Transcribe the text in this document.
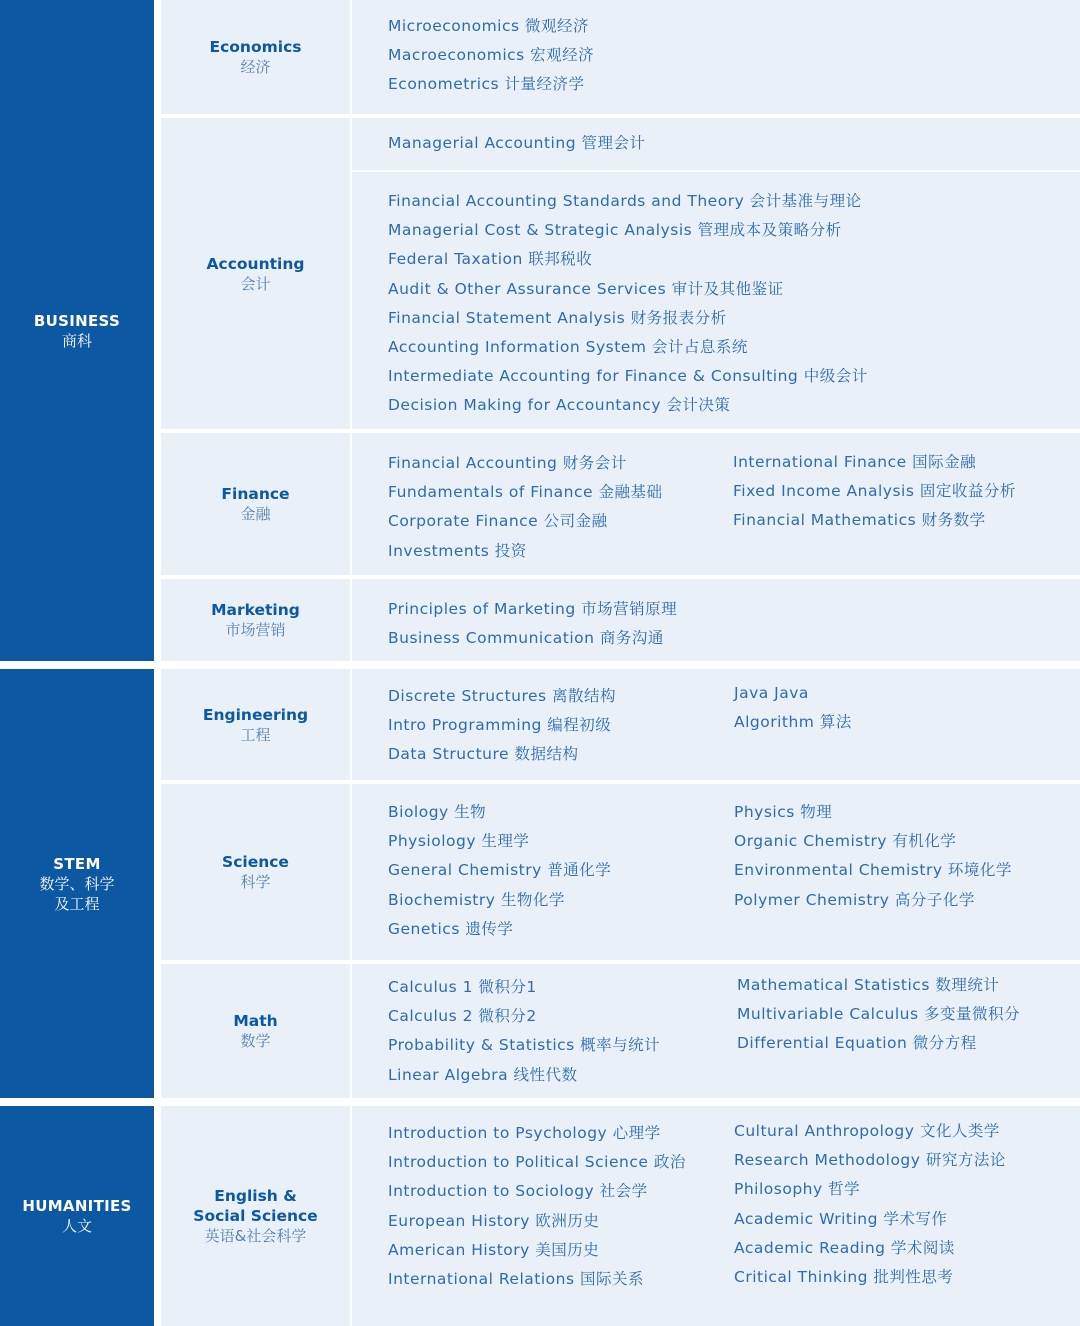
BUSINESS
商科
Economics
经济
Microeconomics 微观经济
Macroeconomics 宏观经济
Econometrics 计量经济学
Accounting
会计
Managerial Accounting 管理会计
Financial Accounting Standards and Theory 会计基准与理论
Managerial Cost & Strategic Analysis 管理成本及策略分析
Federal Taxation 联邦税收
Audit & Other Assurance Services 审计及其他鉴证
Financial Statement Analysis 财务报表分析
Accounting Information System 会计占息系统
Intermediate Accounting for Finance & Consulting 中级会计
Decision Making for Accountancy 会计决策
Finance
金融
Financial Accounting 财务会计
Fundamentals of Finance 金融基础
Corporate Finance 公司金融
Investments 投资
International Finance 国际金融
Fixed Income Analysis 固定收益分析
Financial Mathematics 财务数学
Marketing
市场营销
Principles of Marketing 市场营销原理
Business Communication 商务沟通
STEM
数学、科学
及工程
Engineering
工程
Discrete Structures 离散结构
Intro Programming 编程初级
Data Structure 数据结构
Java Java
Algorithm 算法
Science
科学
Biology 生物
Physiology 生理学
General Chemistry 普通化学
Biochemistry 生物化学
Genetics 遗传学
Physics 物理
Organic Chemistry 有机化学
Environmental Chemistry 环境化学
Polymer Chemistry 高分子化学
Math
数学
Calculus 1 微积分1
Calculus 2 微积分2
Probability & Statistics 概率与统计
Linear Algebra 线性代数
Mathematical Statistics 数理统计
Multivariable Calculus 多变量微积分
Differential Equation 微分方程
HUMANITIES
人文
English &
Social Science
英语&社会科学
Introduction to Psychology 心理学
Introduction to Political Science 政治
Introduction to Sociology 社会学
European History 欧洲历史
American History 美国历史
International Relations 国际关系
Cultural Anthropology 文化人类学
Research Methodology 研究方法论
Philosophy 哲学
Academic Writing 学术写作
Academic Reading 学术阅读
Critical Thinking 批判性思考
